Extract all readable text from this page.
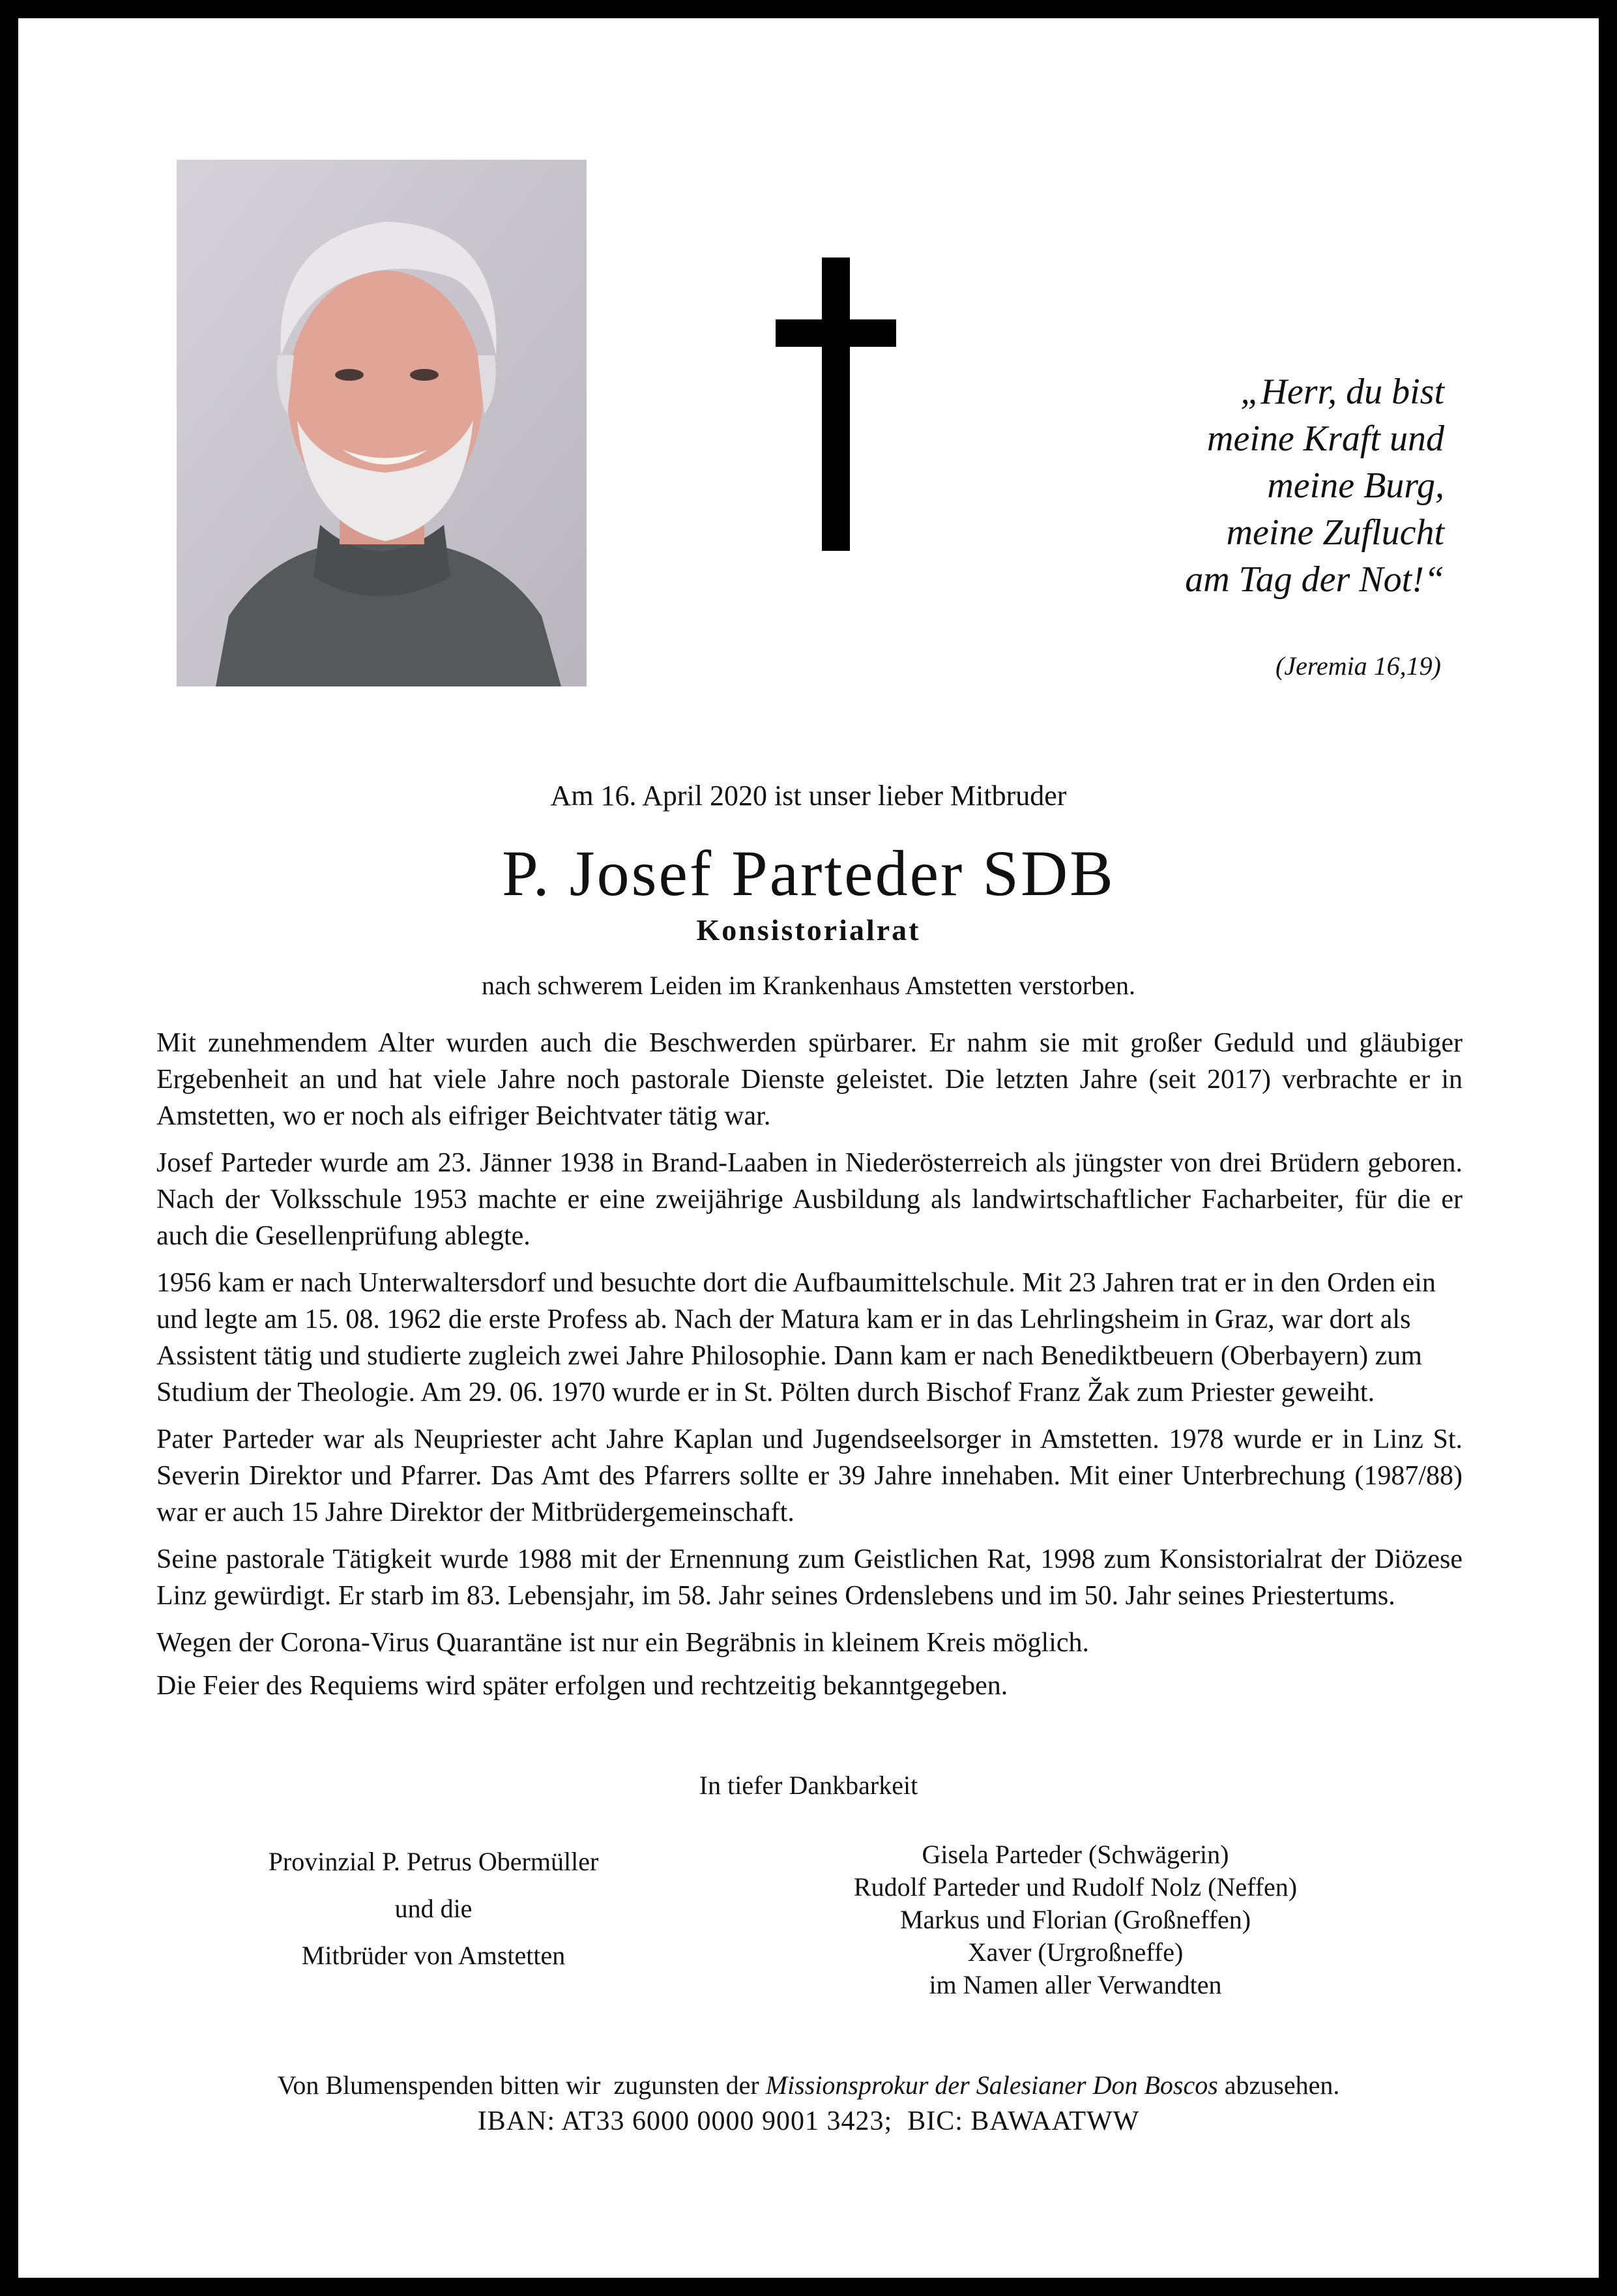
„Herr, du bist
meine Kraft und
meine Burg,
meine Zuflucht
am Tag der Not!“
(Jeremia 16,19)
Am 16. April 2020 ist unser lieber Mitbruder
P. Josef Parteder SDB
Konsistorialrat
nach schwerem Leiden im Krankenhaus Amstetten verstorben.

Mit zunehmendem Alter wurden auch die Beschwerden spürbarer. Er nahm sie mit großer Geduld und gläubiger Ergebenheit an und hat viele Jahre noch pastorale Dienste geleistet. Die letzten Jahre (seit 2017) verbrachte er in Amstetten, wo er noch als eifriger Beichtvater tätig war.

Josef Parteder wurde am 23. Jänner 1938 in Brand-Laaben in Niederösterreich als jüngster von drei Brüdern geboren. Nach der Volksschule 1953 machte er eine zweijährige Ausbildung als landwirtschaftlicher Facharbeiter, für die er auch die Gesellenprüfung ablegte.

1956 kam er nach Unterwaltersdorf und besuchte dort die Aufbaumittelschule. Mit 23 Jahren trat er in den Orden ein und legte am 15. 08. 1962 die erste Profess ab. Nach der Matura kam er in das Lehrlingsheim in Graz, war dort als Assistent tätig und studierte zugleich zwei Jahre Philosophie. Dann kam er nach Benediktbeuern (Oberbayern) zum Studium der Theologie. Am 29. 06. 1970 wurde er in St. Pölten durch Bischof Franz Žak zum Priester geweiht.

Pater Parteder war als Neupriester acht Jahre Kaplan und Jugendseelsorger in Amstetten. 1978 wurde er in Linz St. Severin Direktor und Pfarrer. Das Amt des Pfarrers sollte er 39 Jahre innehaben. Mit einer Unterbrechung (1987/88) war er auch 15 Jahre Direktor der Mitbrüdergemeinschaft.

Seine pastorale Tätigkeit wurde 1988 mit der Ernennung zum Geistlichen Rat, 1998 zum Konsistorialrat der Diözese Linz gewürdigt. Er starb im 83. Lebensjahr, im 58. Jahr seines Ordenslebens und im 50. Jahr seines Priestertums.

Wegen der Corona-Virus Quarantäne ist nur ein Begräbnis in kleinem Kreis möglich.

Die Feier des Requiems wird später erfolgen und rechtzeitig bekanntgegeben.

In tiefer Dankbarkeit
Provinzial P. Petrus Obermüller
und die
Mitbrüder von Amstetten
Gisela Parteder (Schwägerin)
Rudolf Parteder und Rudolf Nolz (Neffen)
Markus und Florian (Großneffen)
Xaver (Urgroßneffe)
im Namen aller Verwandten
Von Blumenspenden bitten wir  zugunsten der Missionsprokur der Salesianer Don Boscos abzusehen.
IBAN: AT33 6000 0000 9001 3423;  BIC: BAWAATWW
